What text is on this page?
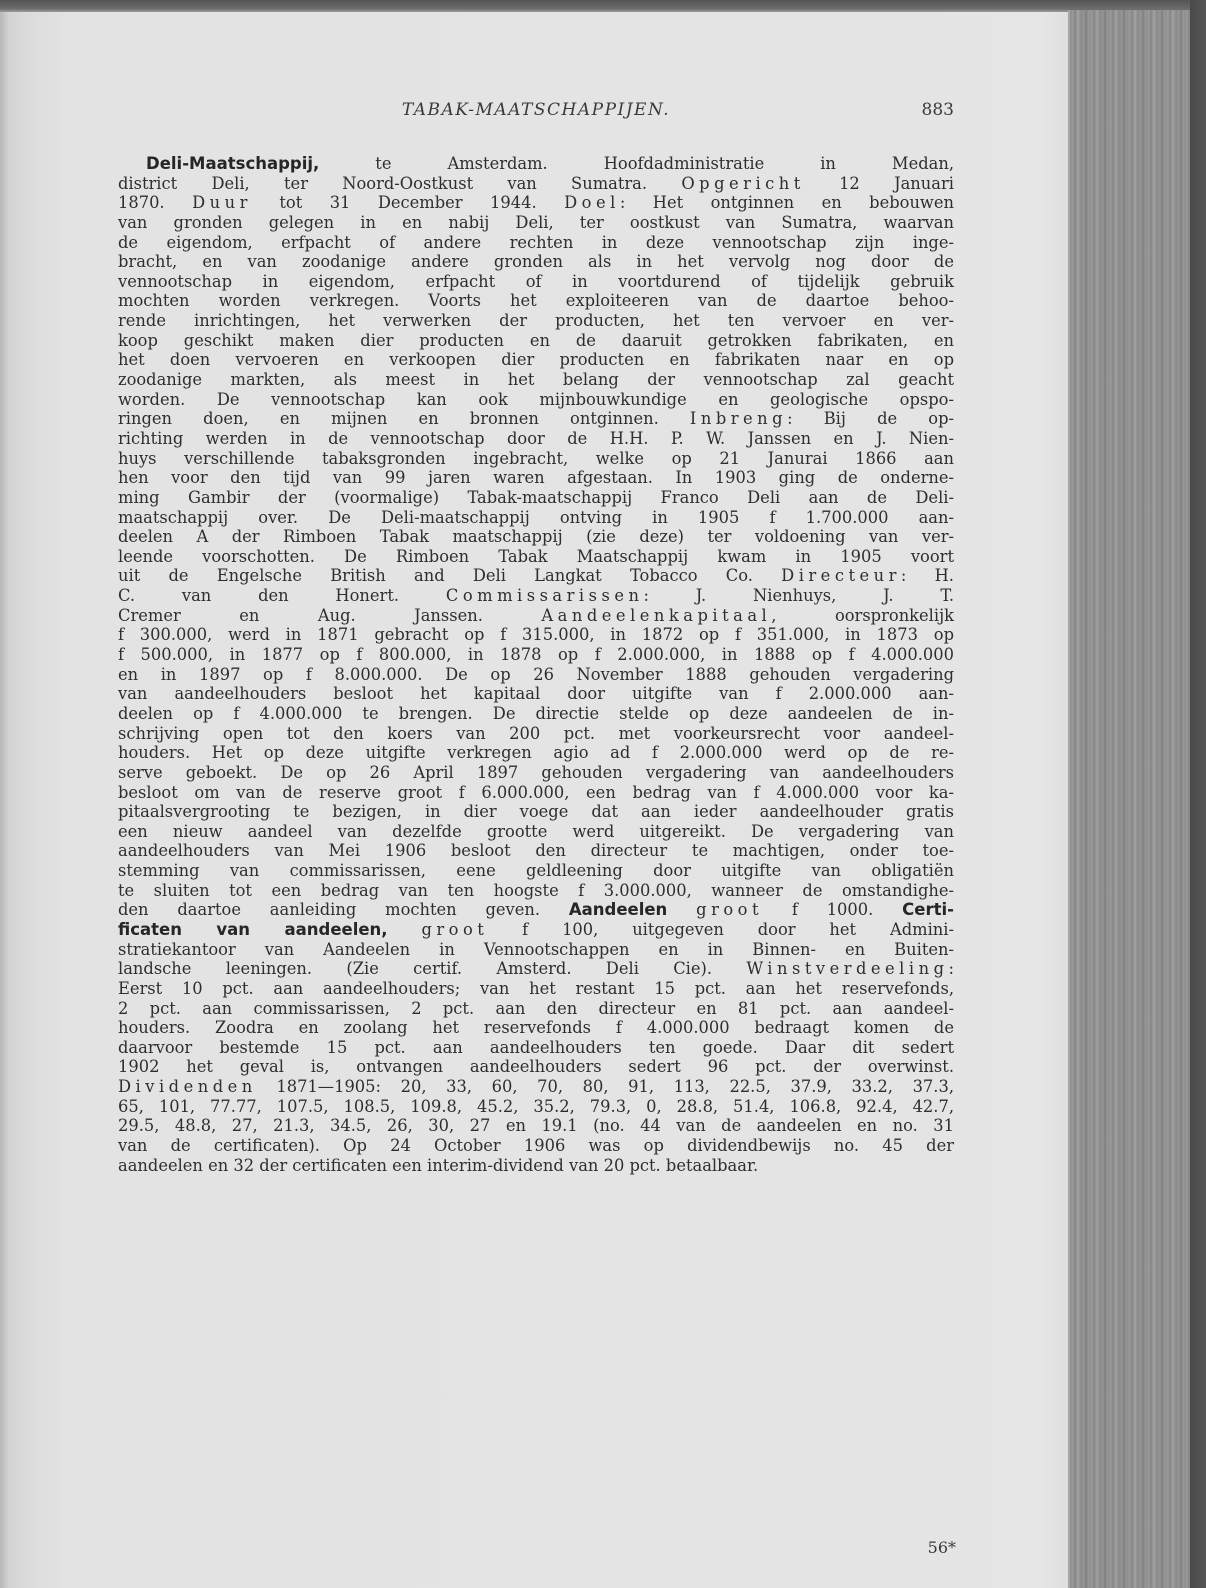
TABAK-MAATSCHAPPIJEN.	883
Deli-Maatschappij, te Amsterdam. Hoofdadministratie in Medan,
district Deli, ter Noord-Oostkust van Sumatra. Opgericht 12 Januari
1870. Duur tot 31 December 1944. Doel: Het ontginnen en bebouwen
van gronden gelegen in en nabij Deli, ter oostkust van Sumatra, waarvan
de eigendom, erfpacht of andere rechten in deze vennootschap zijn inge-
bracht, en van zoodanige andere gronden als in het vervolg nog door de
vennootschap in eigendom, erfpacht of in voortdurend of tijdelijk gebruik
mochten worden verkregen. Voorts het exploiteeren van de daartoe behoo-
rende inrichtingen, het verwerken der producten, het ten vervoer en ver-
koop geschikt maken dier producten en de daaruit getrokken fabrikaten, en
het doen vervoeren en verkoopen dier producten en fabrikaten naar en op
zoodanige markten, als meest in het belang der vennootschap zal geacht
worden. De vennootschap kan ook mijnbouwkundige en geologische opspo-
ringen doen, en mijnen en bronnen ontginnen. Inbreng: Bij de op-
richting werden in de vennootschap door de H.H. P. W. Janssen en J. Nien-
huys verschillende tabaksgronden ingebracht, welke op 21 Janurai 1866 aan
hen voor den tijd van 99 jaren waren afgestaan. In 1903 ging de onderne-
ming Gambir der (voormalige) Tabak-maatschappij Franco Deli aan de Deli-
maatschappij over. De Deli-maatschappij ontving in 1905 f 1.700.000 aan-
deelen A der Rimboen Tabak maatschappij (zie deze) ter voldoening van ver-
leende voorschotten. De Rimboen Tabak Maatschappij kwam in 1905 voort
uit de Engelsche British and Deli Langkat Tobacco Co. Directeur: H.
C. van den Honert. Commissarissen: J. Nienhuys, J. T.
Cremer en Aug. Janssen. Aandeelenkapitaal, oorspronkelijk
f 300.000, werd in 1871 gebracht op f 315.000, in 1872 op f 351.000, in 1873 op
f 500.000, in 1877 op f 800.000, in 1878 op f 2.000.000, in 1888 op f 4.000.000
en in 1897 op f 8.000.000. De op 26 November 1888 gehouden vergadering
van aandeelhouders besloot het kapitaal door uitgifte van f 2.000.000 aan-
deelen op f 4.000.000 te brengen. De directie stelde op deze aandeelen de in-
schrijving open tot den koers van 200 pct. met voorkeursrecht voor aandeel-
houders. Het op deze uitgifte verkregen agio ad f 2.000.000 werd op de re-
serve geboekt. De op 26 April 1897 gehouden vergadering van aandeelhouders
besloot om van de reserve groot f 6.000.000, een bedrag van f 4.000.000 voor ka-
pitaalsvergrooting te bezigen, in dier voege dat aan ieder aandeelhouder gratis
een nieuw aandeel van dezelfde grootte werd uitgereikt. De vergadering van
aandeelhouders van Mei 1906 besloot den directeur te machtigen, onder toe-
stemming van commissarissen, eene geldleening door uitgifte van obligatiën
te sluiten tot een bedrag van ten hoogste f 3.000.000, wanneer de omstandighe-
den daartoe aanleiding mochten geven. Aandeelen groot f 1000. Certi-
ficaten van aandeelen, groot f 100, uitgegeven door het Admini-
stratiekantoor van Aandeelen in Vennootschappen en in Binnen- en Buiten-
landsche leeningen. (Zie certif. Amsterd. Deli Cie). Winstverdeeling:
Eerst 10 pct. aan aandeelhouders; van het restant 15 pct. aan het reservefonds,
2 pct. aan commissarissen, 2 pct. aan den directeur en 81 pct. aan aandeel-
houders. Zoodra en zoolang het reservefonds f 4.000.000 bedraagt komen de
daarvoor bestemde 15 pct. aan aandeelhouders ten goede. Daar dit sedert
1902 het geval is, ontvangen aandeelhouders sedert 96 pct. der overwinst.
Dividenden 1871—1905: 20, 33, 60, 70, 80, 91, 113, 22.5, 37.9, 33.2, 37.3,
65, 101, 77.77, 107.5, 108.5, 109.8, 45.2, 35.2, 79.3, 0, 28.8, 51.4, 106.8, 92.4, 42.7,
29.5, 48.8, 27, 21.3, 34.5, 26, 30, 27 en 19.1 (no. 44 van de aandeelen en no. 31
van de certificaten). Op 24 October 1906 was op dividendbewijs no. 45 der
aandeelen en 32 der certificaten een interim-dividend van 20 pct. betaalbaar.
56*
